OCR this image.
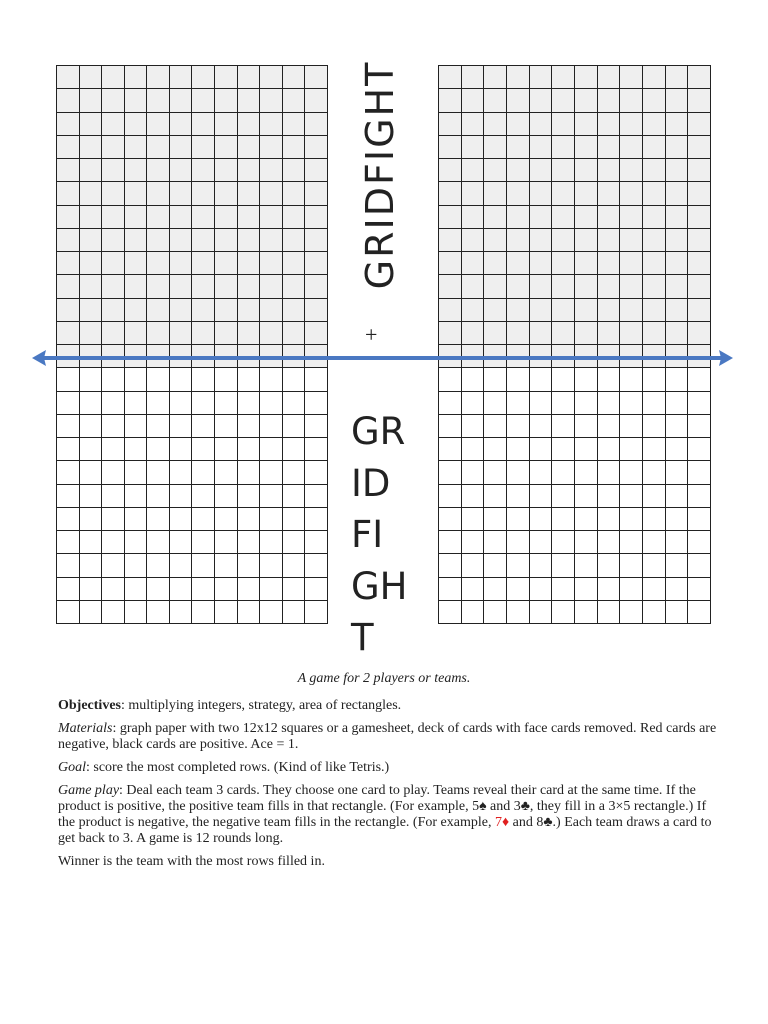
GRIDFIGHT
+
GR
ID
FI
GH
T
A game for 2 players or teams.

Objectives: multiplying integers, strategy, area of rectangles.

Materials: graph paper with two 12x12 squares or a gamesheet, deck of cards with face cards removed. Red cards are negative, black cards are positive. Ace = 1.

Goal: score the most completed rows. (Kind of like Tetris.)

Game play: Deal each team 3 cards. They choose one card to play. Teams reveal their card at the same time. If the product is positive, the positive team fills in that rectangle. (For example, 5♠ and 3♣, they fill in a 3×5 rectangle.) If the product is negative, the negative team fills in the rectangle. (For example, 7♦ and 8♣.) Each team draws a card to get back to 3. A game is 12 rounds long.

Winner is the team with the most rows filled in.
